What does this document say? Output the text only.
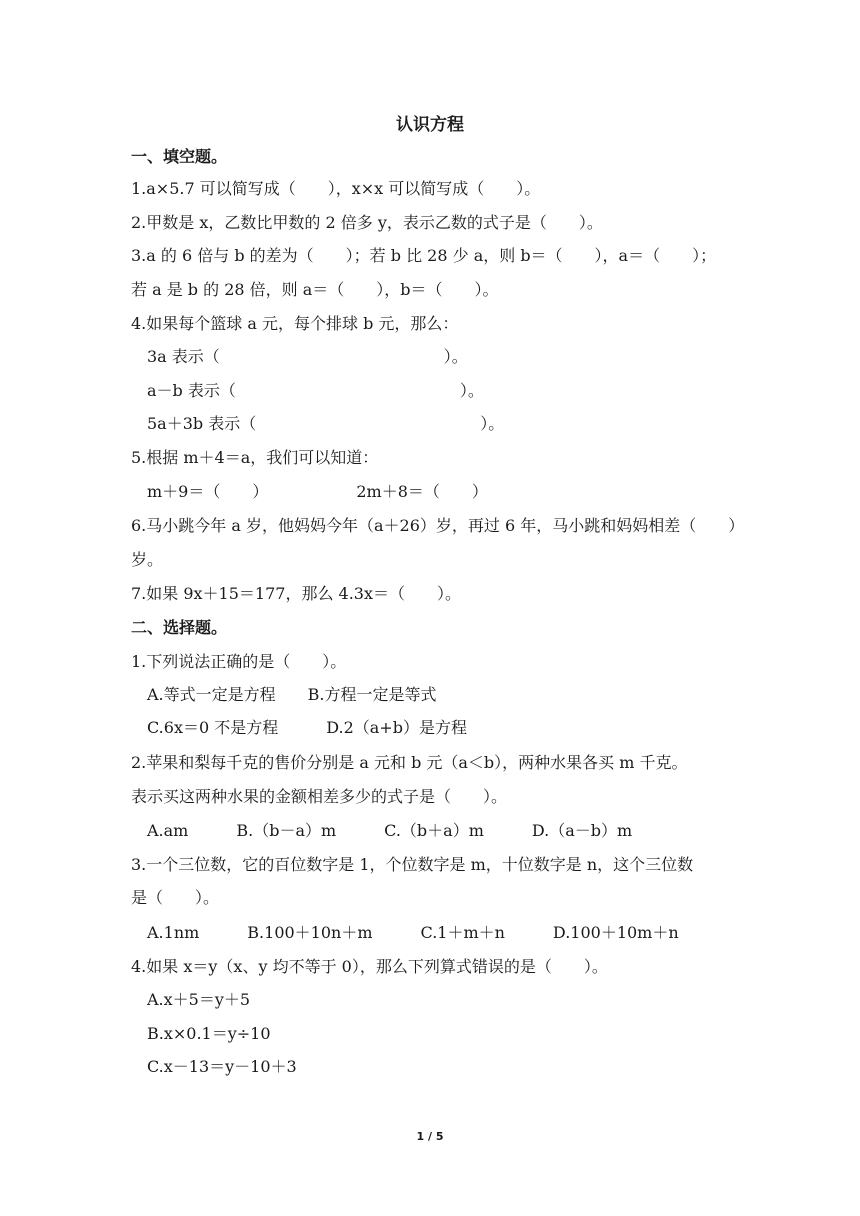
认识方程
一、填空题。
1.a×5.7 可以简写成（　　），x×x 可以简写成（　　）。
2.甲数是 x，乙数比甲数的 2 倍多 y，表示乙数的式子是（　　）。
3.a 的 6 倍与 b 的差为（　　）；若 b 比 28 少 a，则 b＝（　　），a＝（　　）；
若 a 是 b 的 28 倍，则 a＝（　　），b＝（　　）。
4.如果每个篮球 a 元，每个排球 b 元，那么：
3a 表示（　　　　　　　　　　　　　　）。
a－b 表示（　　　　　　　　　　　　　　）。
5a＋3b 表示（　　　　　　　　　　　　　　）。
5.根据 m＋4＝a，我们可以知道：
m＋9＝（　　）　　　　　　2m＋8＝（　　）
6.马小跳今年 a 岁，他妈妈今年（a＋26）岁，再过 6 年，马小跳和妈妈相差（　　）
岁。
7.如果 9x＋15＝177，那么 4.3x＝（　　）。
二、选择题。
1.下列说法正确的是（　　）。
A.等式一定是方程　　B.方程一定是等式
C.6x＝0 不是方程　　　D.2（a+b）是方程
2.苹果和梨每千克的售价分别是 a 元和 b 元（a＜b），两种水果各买 m 千克。
表示买这两种水果的金额相差多少的式子是（　　）。
A.am　　　B.（b－a）m　　　C.（b＋a）m　　　D.（a－b）m
3.一个三位数，它的百位数字是 1，个位数字是 m，十位数字是 n，这个三位数
是（　　）。
A.1nm　　　B.100＋10n＋m　　　C.1＋m＋n　　　D.100＋10m＋n
4.如果 x＝y（x、y 均不等于 0），那么下列算式错误的是（　　）。
A.x＋5＝y＋5
B.x×0.1＝y÷10
C.x－13＝y－10＋3
1 / 5
